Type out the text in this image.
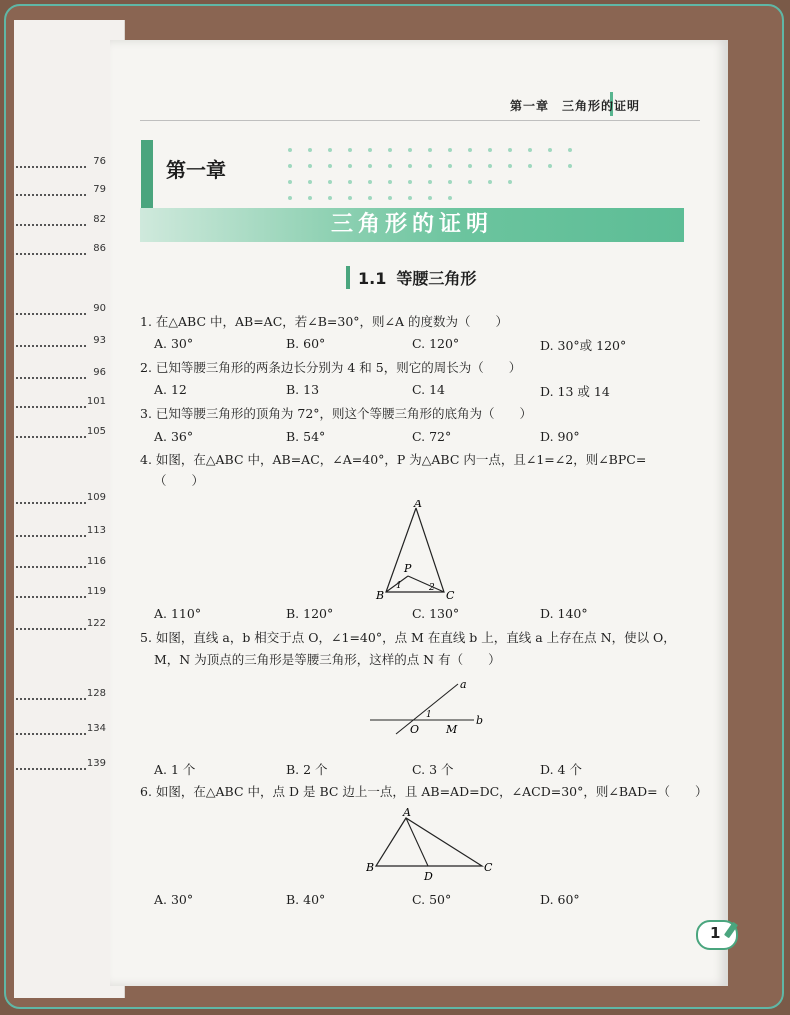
76
79
82
86
90
93
96
101
105
109
113
116
119
122
128
134
139
第一章　三角形的证明
第一章
三角形的证明
1.1 等腰三角形
1. 在△ABC 中，AB=AC，若∠B=30°，则∠A 的度数为（　　）
A. 30°	B. 60°	C. 120°	D. 30°或 120°
2. 已知等腰三角形的两条边长分别为 4 和 5，则它的周长为（　　）
A. 12	B. 13	C. 14	D. 13 或 14
3. 已知等腰三角形的顶角为 72°，则这个等腰三角形的底角为（　　）
A. 36°	B. 54°	C. 72°	D. 90°
4. 如图，在△ABC 中，AB=AC，∠A=40°，P 为△ABC 内一点，且∠1=∠2，则∠BPC=
（　　）
A
B	C
P
1	2
A. 110°	B. 120°	C. 130°	D. 140°
5. 如图，直线 a，b 相交于点 O，∠1=40°，点 M 在直线 b 上，直线 a 上存在点 N，使以 O，
M，N 为顶点的三角形是等腰三角形，这样的点 N 有（　　）
a
b
O M
1
A. 1 个	B. 2 个	C. 3 个	D. 4 个
6. 如图，在△ABC 中，点 D 是 BC 边上一点，且 AB=AD=DC，∠ACD=30°，则∠BAD=（　　）
A
B	C
D
A. 30°	B. 40°	C. 50°	D. 60°
1
